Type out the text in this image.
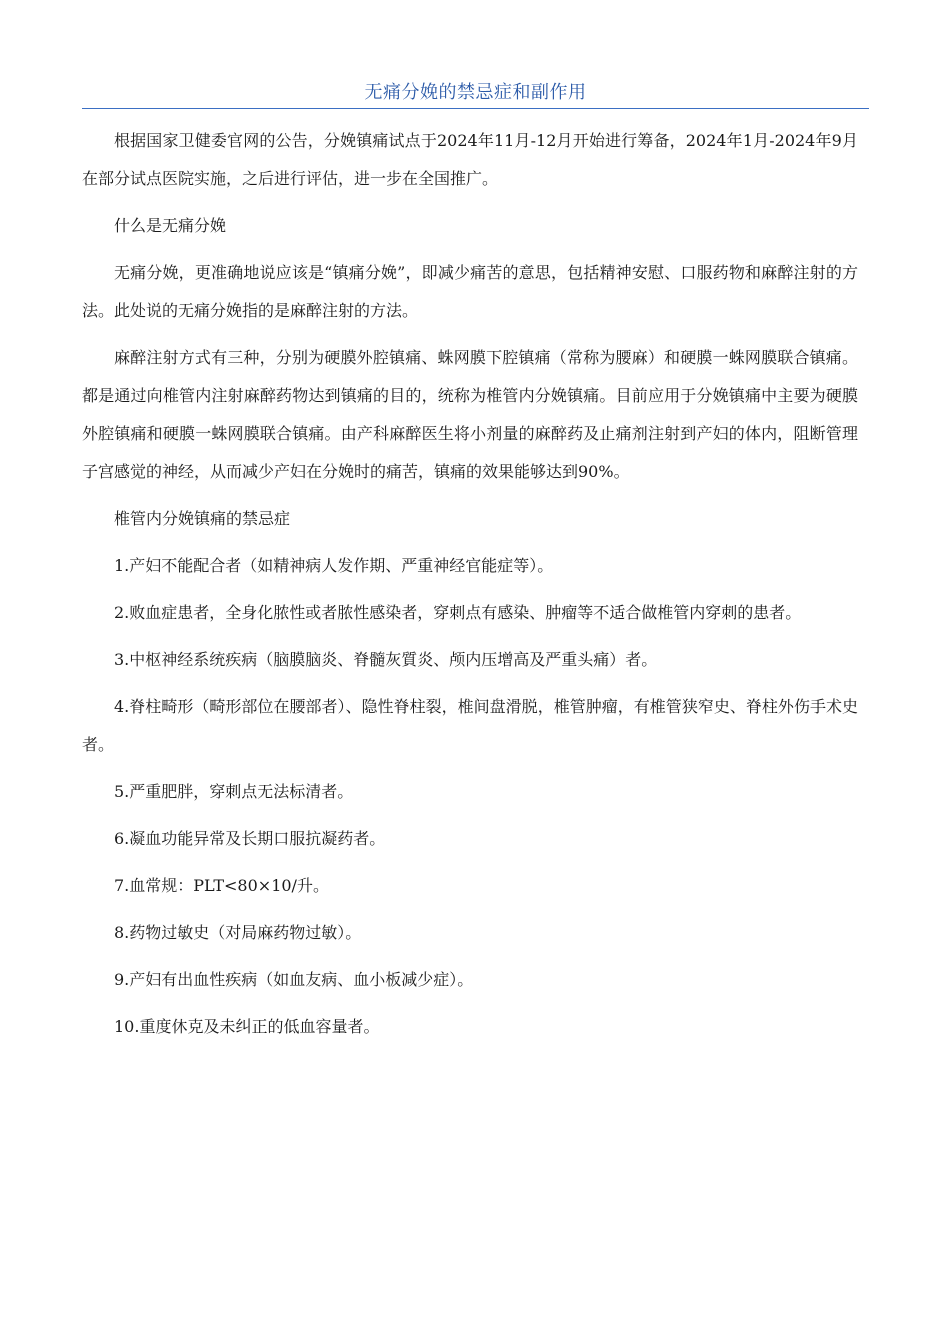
无痛分娩的禁忌症和副作用

根据国家卫健委官网的公告，分娩镇痛试点于2024年11月-12月开始进行筹备，2024年1月-2024年9月在部分试点医院实施，之后进行评估，进一步在全国推广。

什么是无痛分娩

无痛分娩，更准确地说应该是“镇痛分娩”，即减少痛苦的意思，包括精神安慰、口服药物和麻醉注射的方法。此处说的无痛分娩指的是麻醉注射的方法。

麻醉注射方式有三种，分别为硬膜外腔镇痛、蛛网膜下腔镇痛（常称为腰麻）和硬膜一蛛网膜联合镇痛。都是通过向椎管内注射麻醉药物达到镇痛的目的，统称为椎管内分娩镇痛。目前应用于分娩镇痛中主要为硬膜外腔镇痛和硬膜一蛛网膜联合镇痛。由产科麻醉医生将小剂量的麻醉药及止痛剂注射到产妇的体内，阻断管理子宫感觉的神经，从而减少产妇在分娩时的痛苦，镇痛的效果能够达到90%。

椎管内分娩镇痛的禁忌症

1.产妇不能配合者（如精神病人发作期、严重神经官能症等）。

2.败血症患者，全身化脓性或者脓性感染者，穿刺点有感染、肿瘤等不适合做椎管内穿刺的患者。

3.中枢神经系统疾病（脑膜脑炎、脊髓灰質炎、颅内压增高及严重头痛）者。

4.脊柱畸形（畸形部位在腰部者）、隐性脊柱裂，椎间盘滑脱，椎管肿瘤，有椎管狭窄史、脊柱外伤手术史者。

5.严重肥胖，穿刺点无法标清者。

6.凝血功能异常及长期口服抗凝药者。

7.血常规：PLT<80×10/升。

8.药物过敏史（对局麻药物过敏）。

9.产妇有出血性疾病（如血友病、血小板减少症）。

10.重度休克及未纠正的低血容量者。
